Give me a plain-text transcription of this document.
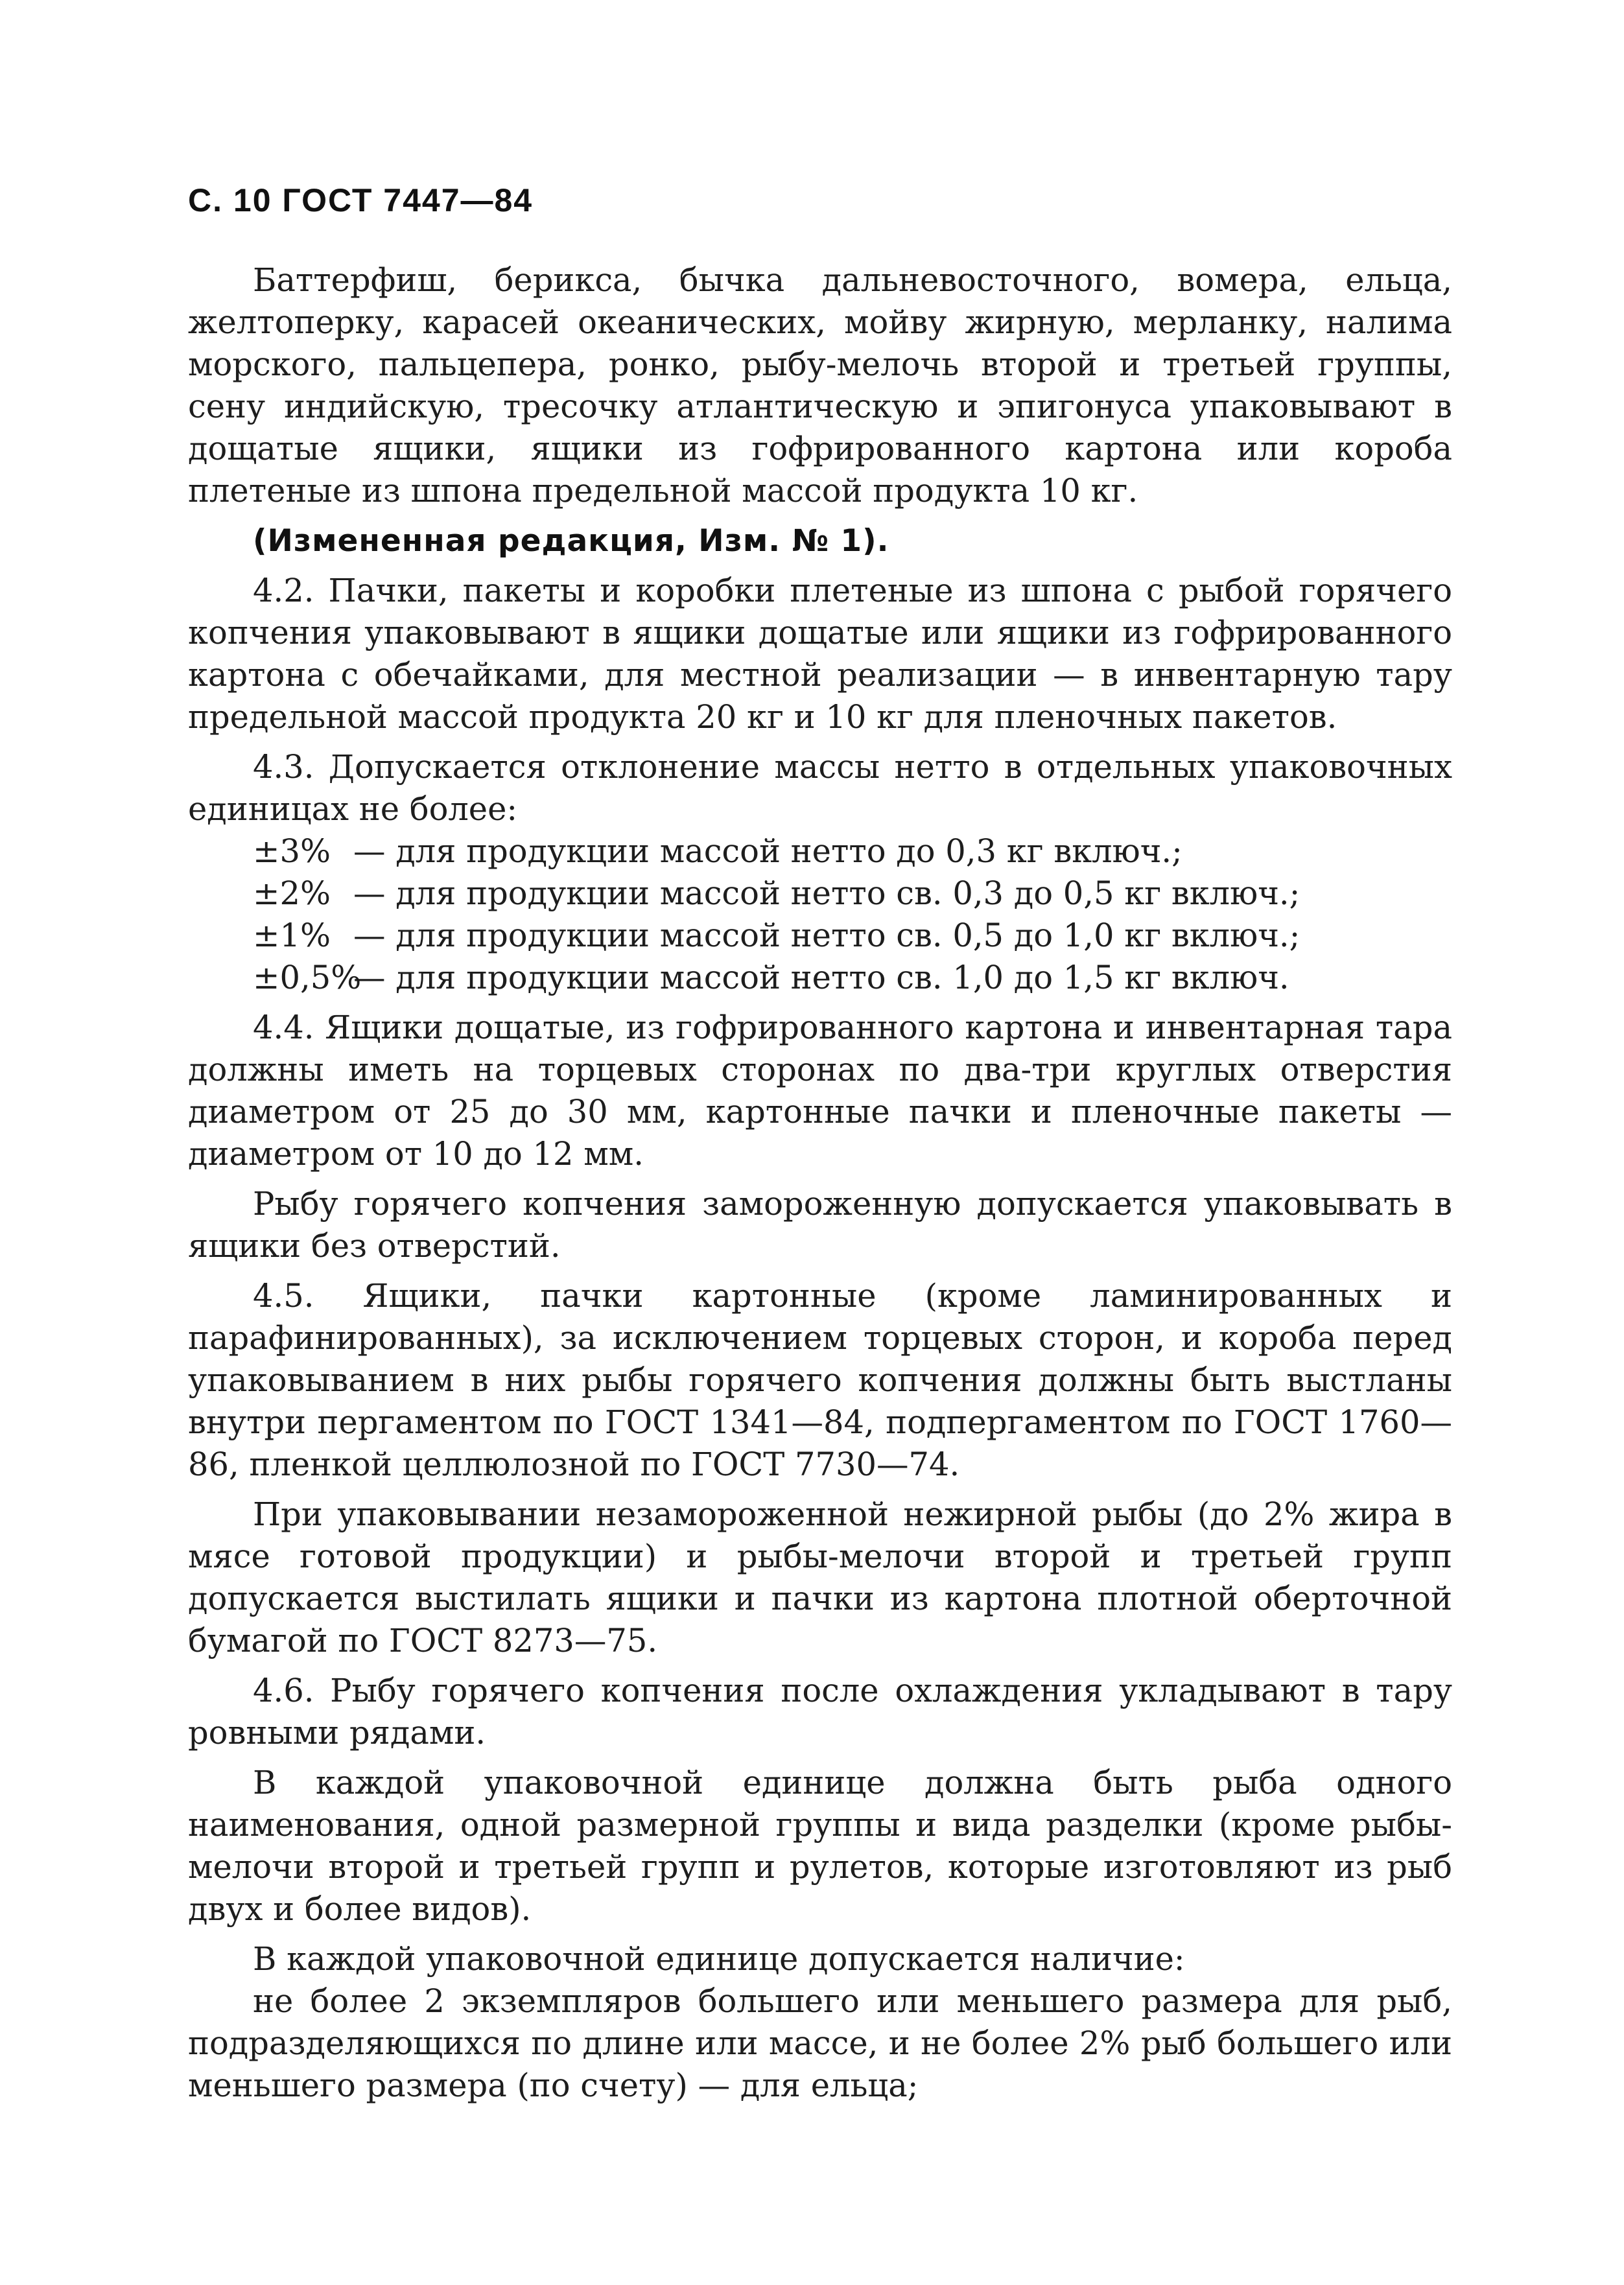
С. 10 ГОСТ 7447—84

Баттерфиш, берикса, бычка дальневосточного, вомера, ельца, желтоперку, карасей океанических, мойву жирную, мерланку, налима морского, пальцепера, ронко, рыбу-мелочь второй и третьей группы, сену индийскую, тресочку атлантическую и эпигонуса упаковывают в дощатые ящики, ящики из гофрированного картона или короба плетеные из шпона предельной массой продукта 10 кг.

(Измененная редакция, Изм. № 1).

4.2. Пачки, пакеты и коробки плетеные из шпона с рыбой горячего копчения упаковывают в ящики дощатые или ящики из гофрированного картона с обечайками, для местной реализации — в инвентарную тару предельной массой продукта 20 кг и 10 кг для пленочных пакетов.

4.3. Допускается отклонение массы нетто в отдельных упаковочных единицах не более:

±3% — для продукции массой нетто до 0,3 кг включ.;
±2% — для продукции массой нетто св. 0,3 до 0,5 кг включ.;
±1% — для продукции массой нетто св. 0,5 до 1,0 кг включ.;
±0,5%
— для продукции массой нетто св. 1,0 до 1,5 кг включ.

4.4. Ящики дощатые, из гофрированного картона и инвентарная тара должны иметь на торцевых сторонах по два-три круглых отверстия диаметром от 25 до 30 мм, картонные пачки и пленочные пакеты — диаметром от 10 до 12 мм.

Рыбу горячего копчения замороженную допускается упаковывать в ящики без отверстий.

4.5. Ящики, пачки картонные (кроме ламинированных и парафинированных), за исключением торцевых сторон, и короба перед упаковыванием в них рыбы горячего копчения должны быть выстланы внутри пергаментом по ГОСТ 1341—84, подпергаментом по ГОСТ 1760—86, пленкой целлюлозной по ГОСТ 7730—74.

При упаковывании незамороженной нежирной рыбы (до 2% жира в мясе готовой продукции) и рыбы-мелочи второй и третьей групп допускается выстилать ящики и пачки из картона плотной оберточной бумагой по ГОСТ 8273—75.

4.6. Рыбу горячего копчения после охлаждения укладывают в тару ровными рядами.

В каждой упаковочной единице должна быть рыба одного наименования, одной размерной группы и вида разделки (кроме рыбы-мелочи второй и третьей групп и рулетов, которые изготовляют из рыб двух и более видов).

В каждой упаковочной единице допускается наличие:

не более 2 экземпляров большего или меньшего размера для рыб, подразделяющихся по длине или массе, и не более 2% рыб большего или меньшего размера (по счету) — для ельца;
